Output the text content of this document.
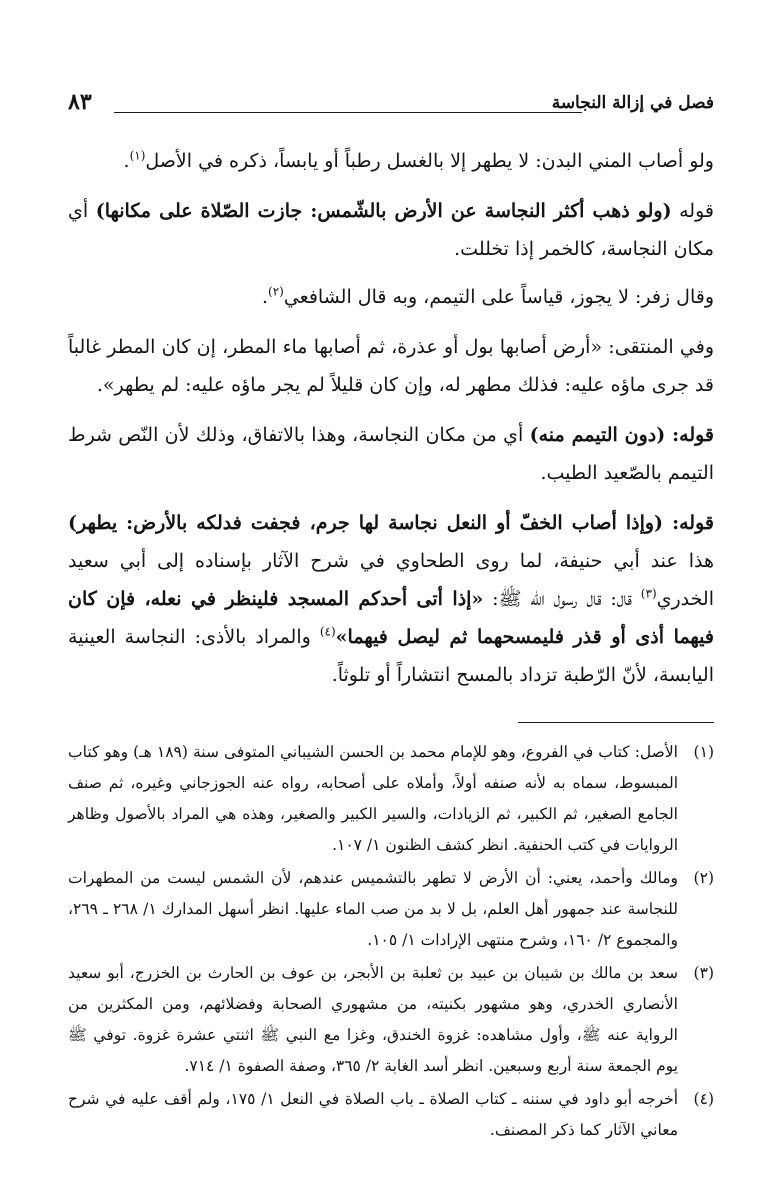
فصل في إزالة النجاسة
٨٣

ولو أصاب المني البدن: لا يطهر إلا بالغسل رطباً أو يابساً، ذكره في الأصل$^{(١)}$.

قوله (ولو ذهب أكثر النجاسة عن الأرض بالشّمس: جازت الصّلاة على مكانها) أي مكان النجاسة، كالخمر إذا تخللت.

وقال زفر: لا يجوز، قياساً على التيمم، وبه قال الشافعي$^{(٢)}$.

وفي المنتقى: «أرض أصابها بول أو عذرة، ثم أصابها ماء المطر، إن كان المطر غالباً قد جرى ماؤه عليه: فذلك مطهر له، وإن كان قليلاً لم يجر ماؤه عليه: لم يطهر».

قوله: (دون التيمم منه) أي من مكان النجاسة، وهذا بالاتفاق، وذلك لأن النّص شرط التيمم بالصّعيد الطيب.

قوله: (وإذا أصاب الخفّ أو النعل نجاسة لها جرم، فجفت فدلكه بالأرض: يطهر) هذا عند أبي حنيفة، لما روى الطحاوي في شرح الآثار بإسناده إلى أبي سعيد الخدري$^{(٣)}$ قال: قال رسول الله ﷺ: «إذا أتى أحدكم المسجد فلينظر في نعله، فإن كان فيهما أذى أو قذر فليمسحهما ثم ليصل فيهما»$^{(٤)}$ والمراد بالأذى: النجاسة العينية اليابسة، لأنّ الرّطبة تزداد بالمسح انتشاراً أو تلوثاً.

(١)
الأصل: كتاب في الفروع، وهو للإمام محمد بن الحسن الشيباني المتوفى سنة (١٨٩ هـ) وهو كتاب المبسوط، سماه به لأنه صنفه أولاً، وأملاه على أصحابه، رواه عنه الجوزجاني وغيره، ثم صنف الجامع الصغير، ثم الكبير، ثم الزيادات، والسير الكبير والصغير، وهذه هي المراد بالأصول وظاهر الروايات في كتب الحنفية. انظر كشف الظنون ١/ ١٠٧.
(٢)
ومالك وأحمد، يعني: أن الأرض لا تطهر بالتشميس عندهم، لأن الشمس ليست من المطهرات للنجاسة عند جمهور أهل العلم، بل لا بد من صب الماء عليها. انظر أسهل المدارك ١/ ٢٦٨ ـ ٢٦٩، والمجموع ٢/ ١٦٠، وشرح منتهى الإرادات ١/ ١٠٥.
(٣)
سعد بن مالك بن شيبان بن عبيد بن ثعلبة بن الأبجر، بن عوف بن الحارث بن الخزرج، أبو سعيد الأنصاري الخدري، وهو مشهور بكنيته، من مشهوري الصحابة وفضلائهم، ومن المكثرين من الرواية عنه ﷺ، وأول مشاهده: غزوة الخندق، وغزا مع النبي ﷺ اثنتي عشرة غزوة. توفي ﷺ يوم الجمعة سنة أربع وسبعين. انظر أسد الغابة ٢/ ٣٦٥، وصفة الصفوة ١/ ٧١٤.
(٤)
أخرجه أبو داود في سننه ـ كتاب الصلاة ـ باب الصلاة في النعل ١/ ١٧٥، ولم أقف عليه في شرح معاني الآثار كما ذكر المصنف.
